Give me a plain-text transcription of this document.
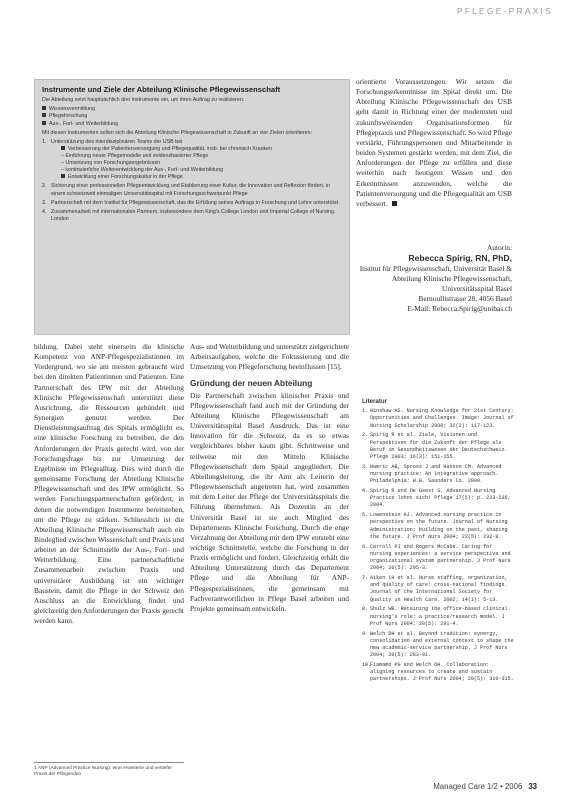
PFLEGE-PRAXIS
Instrumente und Ziele der Abteilung Klinische Pflegewissenschaft

Die Abteilung setzt hauptsächlich drei Instrumente ein, um ihren Auftrag zu realisieren:

Wissensvermittlung
Pflegeforschung
Aus-, Fort- und Weiterbildung

Mit diesen Instrumenten sollen sich die Abteilung Klinische Pflegewissenschaft in Zukunft an vier Zielen orientieren:

1. Unterstützung des interdisziplinären Teams der USB bei
Verbesserung der Patientenversorgung und Pflegequalität, insb. bei chronisch Kranken
– Einführung neuer Pflegemodelle und evidenzbasierter Pflege
– Umsetzung von Forschungsergebnissen
– kontinuierliche Weiterentwicklung der Aus-, Fort- und Weiterbildung
Entwicklung einer Forschungskultur in der Pflege
2. Sicherung einer professionellen Pflegeentwicklung und Etablierung einer Kultur, die Innovation und Reflexion fördert, in einem schweizweit einmaligen Universitätsspital mit Forschungsschwerpunkt Pflege
3. Partnerschaft mit dem Institut für Pflegewissenschaft, das die Erfüllung seines Auftrags in Forschung und Lehre unterstützt
4. Zusammenarbeit mit internationalen Partnern, insbesondere dem King's College London und Imperial College of Nursing, London

bildung. Dabei steht einerseits die klinische Kompetenz von ANP-Pflegespezialistinnen im Vordergrund, wo sie am meisten gebraucht wird bei den direkten Patientinnen und Patienten. Eine Partnerschaft des IPW mit der Abteilung Klinische Pflegewissenschaft unterstützt diese Ausrichtung, die Ressourcen gebündelt und Synergien genutzt werden. Der Dienstleistungsauftrag des Spitals ermöglicht es, eine klinische Forschung zu betreiben, die den Anforderungen der Praxis gerecht wird, von der Forschungsfrage bis zur Umsetzung der Ergebnisse im Pflegealltag. Dies wird durch die gemeinsame Forschung der Abteilung Klinische Pflegewissenschaft und des IPW ermöglicht. So werden Forschungspartnerschaften gefördert, in denen die notwendigen Instrumente bereitstehen, um die Pflege zu stärken. Schliesslich ist die Abteilung Klinische Pflegewissenschaft auch ein Bindeglied zwischen Wissenschaft und Praxis und arbeitet an der Schnittstelle der Aus-, Fort- und Weiterbildung. Eine partnerschaftliche Zusammenarbeit zwischen Praxis und universitärer Ausbildung ist ein wichtiger Baustein, damit die Pflege in der Schweiz den Anschluss an die Entwicklung findet und gleichzeitig den Anforderungen der Praxis gerecht werden kann.

Aus- und Weiterbildung und unterstützt zielgerichtete Arbeitsaufgaben, welche die Fokussierung und die Umsetzung von Pflegeforschung beeinflussen [15].

Gründung der neuen Abteilung

Die Partnerschaft zwischen klinischer Praxis und Pflegewissenschaft fand auch mit der Gründung der Abteilung Klinische Pflegewissenschaft am Universitätsspital Basel Ausdruck. Das ist eine Innovation für die Schweiz, da es so etwas vergleichbares bisher kaum gibt. Schrittweise und teilweise mit den Mitteln Klinische Pflegewissenschaft dem Spital angegliedert. Die Abteilungsleitung, die ihr Amt als Leiterin der Pflegewissenschaft angetreten hat, wird zusammen mit dem Leiter der Pflege der Universitätsspitals die Führung übernehmen. Als Dozentin an der Universität Basel ist sie auch Mitglied des Departements Klinische Forschung. Durch die enge Verzahnung der Abteilung mit dem IPW entsteht eine wichtige Schnittstelle, welche die Forschung in der Praxis ermöglicht und fördert. Gleichzeitig erhält die Abteilung Unterstützung durch das Departement Pflege und die Abteilung für ANP-Pflegespezialistinnen, die gemeinsam mit Fachverantwortlichen in Pflege Basel arbeiten und Projekte gemeinsam entwickeln.

orientierte Voraussetzungen. Wir setzen die Forschungserkenntnisse im Spital direkt um. Die Abteilung Klinische Pflegewissenschaft des USB geht damit in Richtung einer der modernsten und zukunftsweisenden Organisationsformen für Pflegepraxis und Pflegewissenschaft. So wird Pflege verstärkt, Führungspersonen und Mitarbeitende in beiden Systemen gestärkt werden, mit dem Ziel, die Anforderungen der Pflege zu erfüllen und diese weiterhin nach heutigem Wissen und den Erkenntnissen anzuwenden, welche die Patientenversorgung und die Pflegequalität am USB verbessert.

Autorin:
Rebecca Spirig, RN, PhD,
Institut für Pflegewissenschaft, Universität Basel & Abteilung Klinische Pflegewissenschaft, Universitätsspital Basel
Bernoullistrasse 28, 4056 Basel
E-Mail: Rebecca.Spirig@unibas.ch
Literatur
1. Hinshaw AS. Nursing Knowledge for 21st Century: Opportunities and Challenges. Image: Journal of Nursing Scholarship 2000; 32(2): 117-123.
2. Spirig R et al. Ziele, Visionen und Perspektiven für die Zukunft der Pflege als Beruf im Gesundheitswesen der Deutschschweiz. Pflege 2003; 16(3): 151-155.
3. Hamric AB, Spross J and Hanson CM. Advanced nursing practice: An integrative approach. Philadelphia: W.B. Saunders Co. 2000.
4. Spirig R und De Geest S. Advanced Nursing Practice lohnt sich! Pflege 17(5): p. 233-236, 2004.
5. Lowenstein AJ. Advanced nursing practice in perspective on the future. Journal of Nursing Administration; building on the past, shaping the future. J Prof Nurs 2004; 22(5): 232-8.
6. Carroll PJ and Rogers McCabe. Caring for nursing experiences: a service perspective and organizational system partnership. J Prof Nurs 2004; 20(5): 295-3.
7. Aiken LH et al. Nurse staffing, organization, and quality of care: cross-national findings. Journal of the International Society for Quality in Health Care. 2002; 14(1): 5-13.
8. Shulz WB. Retaining the office-based clinical nursing's role: a practice/research model. J Prof Nurs 2004; 20(5): 291-4.
9. Welch DH et al. Beyond tradition: synergy, consolidation and external context to shape the new academic-service partnership. J Prof Nurs 2004; 20(5): 283-91.
10.
Fiamamo PG and Welch DH. Collaboration: aligning resources to create and sustain partnerships. J Prof Nurs 2004; 20(5): 310-315.
1 ANP (Advanced Practice Nursing): eine erweiterte und vertiefte Praxis der Pflegenden
Managed Care 1/2 • 2006 33
